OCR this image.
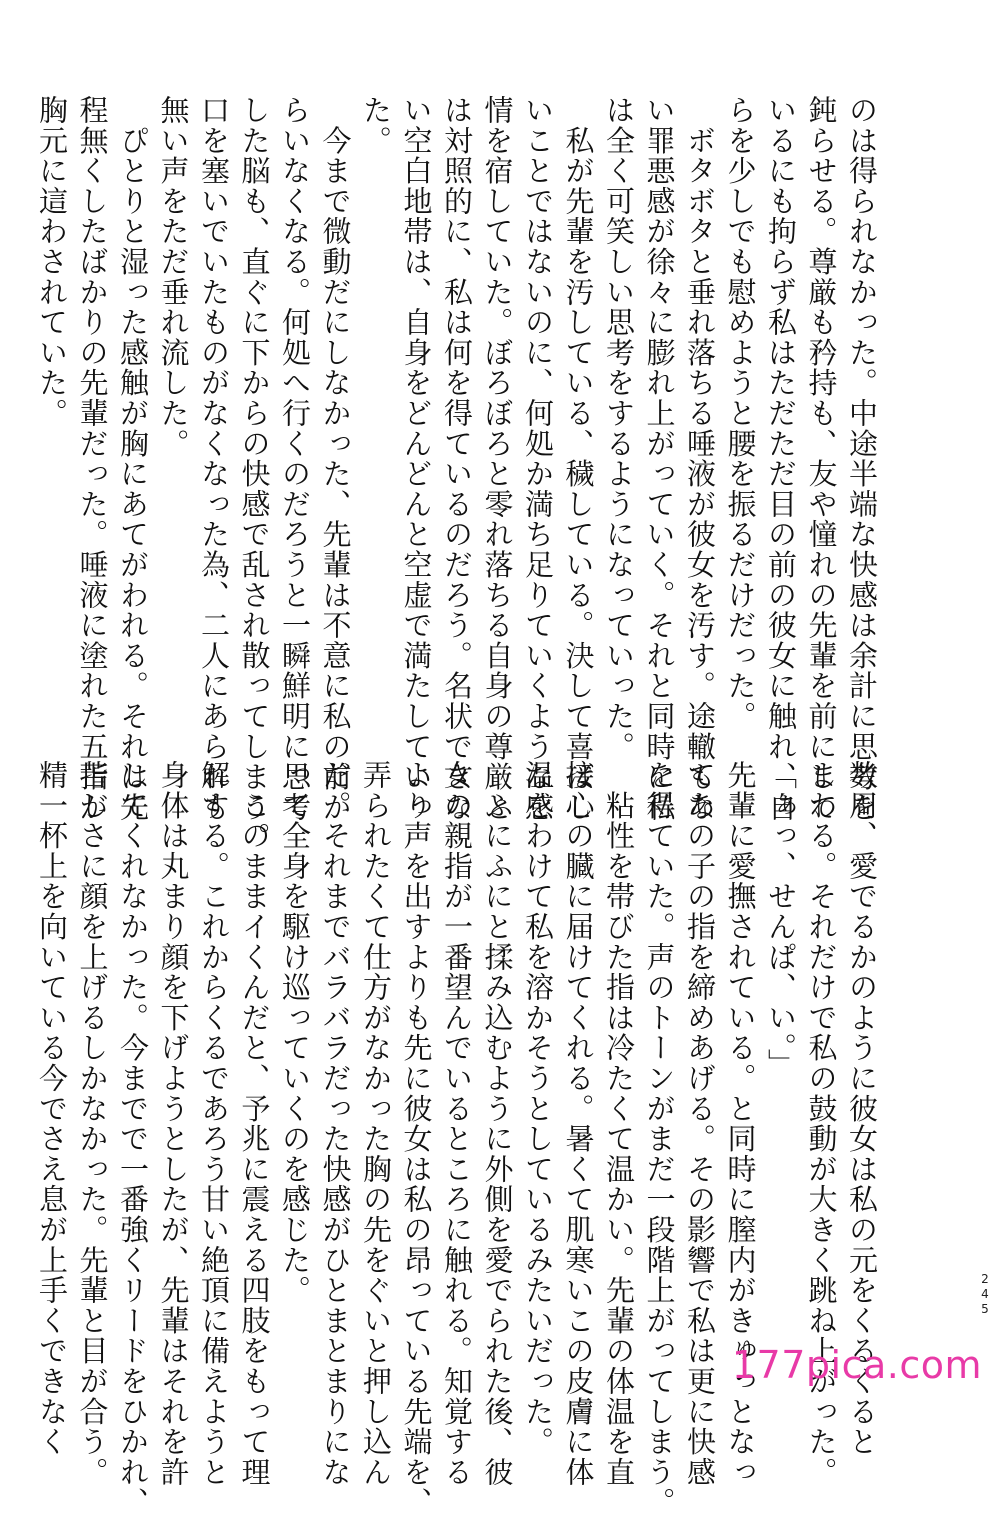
のは得られなかった。中途半端な快感は余計に思考を
鈍らせる。尊厳も矜持も、友や憧れの先輩を前にして
いるにも拘らず私はただただ目の前の彼女に触れ、自
らを少しでも慰めようと腰を振るだけだった。
　ボタボタと垂れ落ちる唾液が彼女を汚す。途轍もな
い罪悪感が徐々に膨れ上がっていく。それと同時に私
は全く可笑しい思考をするようになっていった。
　私が先輩を汚している、穢している。決して喜ばし
いことではないのに、何処か満ち足りていくような感
情を宿していた。ぼろぼろと零れ落ちる自身の尊厳と
は対照的に、私は何を得ているのだろう。名状できな
い空白地帯は、自身をどんどんと空虚で満たしていっ
た。
　今まで微動だにしなかった、先輩は不意に私の前か
らいなくなる。何処へ行くのだろうと一瞬鮮明に思考
した脳も、直ぐに下からの快感で乱され散ってしまう。
口を塞いでいたものがなくなった為、二人にあられも
無い声をただ垂れ流した。
　ぴとりと湿った感触が胸にあてがわれる。それは先
程無くしたばかりの先輩だった。唾液に塗れた五指が
胸元に這わされていた。
数周、愛でるかのように彼女は私の元をくるくると
まわる。それだけで私の鼓動が大きく跳ね上がった。
「ぁっ、せんぱ、い。」
先輩に愛撫されている。と同時に膣内がきゅっとなっ
てあの子の指を締めあげる。その影響で私は更に快感
を得ていた。声のトーンがまだ一段階上がってしまう。
　粘性を帯びた指は冷たくて温かい。先輩の体温を直
接心の臓に届けてくれる。暑くて肌寒いこの皮膚に体
温をわけて私を溶かそうとしているみたいだった。
　ふにふにと揉み込むように外側を愛でられた後、彼
女の親指が一番望んでいるところに触れる。知覚する
より声を出すよりも先に彼女は私の昂っている先端を、
弄られたくて仕方がなかった胸の先をぐいと押し込ん
だ。それまでバラバラだった快感がひとまとまりにな
って全身を駆け巡っていくのを感じた。
　このままイくんだと、予兆に震える四肢をもって理
解する。これからくるであろう甘い絶頂に備えようと
身体は丸まり顔を下げようとしたが、先輩はそれを許
してくれなかった。今までで一番強くリードをひかれ、
苦しさに顔を上げるしかなかった。先輩と目が合う。
精一杯上を向いている今でさえ息が上手くできなく	245
177pica.com
